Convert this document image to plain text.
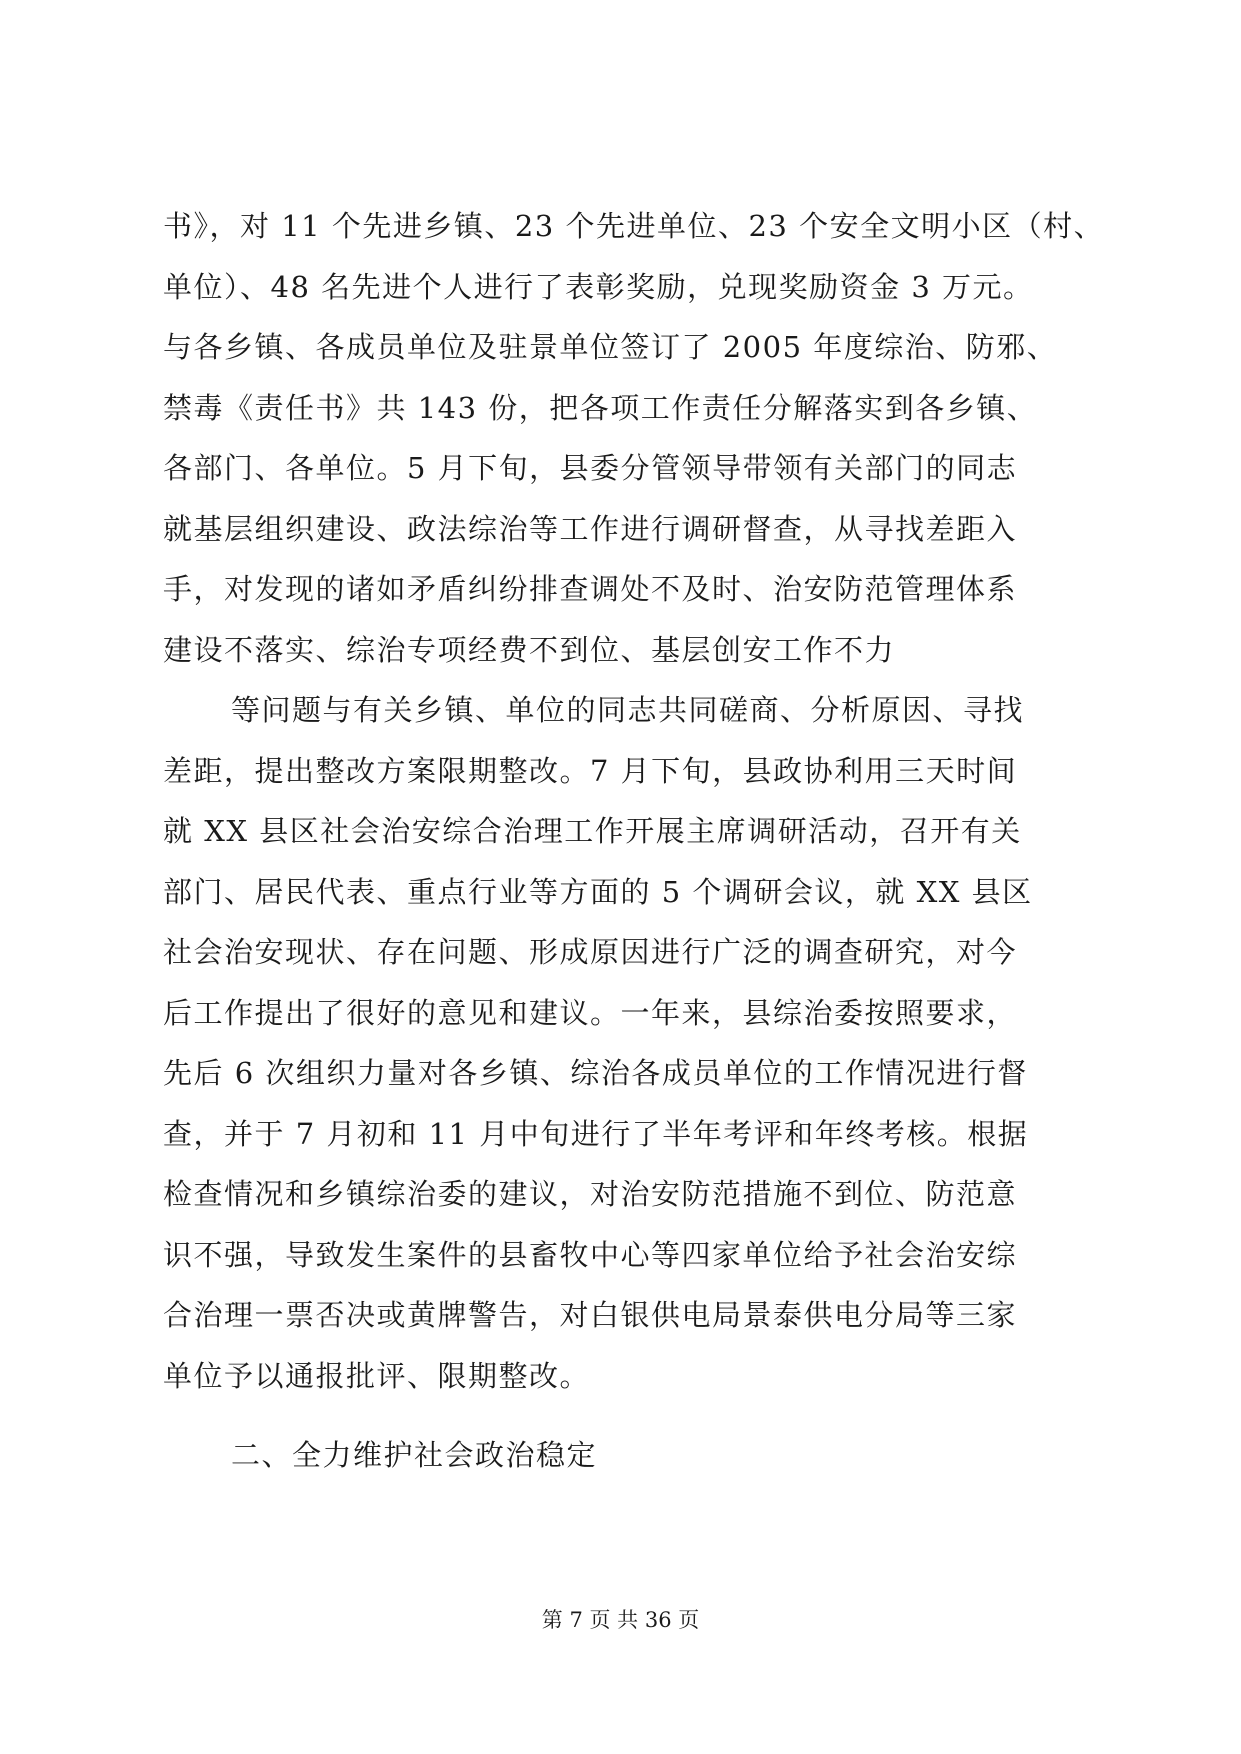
书》，对 11 个先进乡镇、23 个先进单位、23 个安全文明小区（村、
单位）、48 名先进个人进行了表彰奖励，兑现奖励资金 3 万元。
与各乡镇、各成员单位及驻景单位签订了 2005 年度综治、防邪、
禁毒《责任书》共 143 份，把各项工作责任分解落实到各乡镇、
各部门、各单位。5 月下旬，县委分管领导带领有关部门的同志
就基层组织建设、政法综治等工作进行调研督查，从寻找差距入
手，对发现的诸如矛盾纠纷排查调处不及时、治安防范管理体系
建设不落实、综治专项经费不到位、基层创安工作不力
等问题与有关乡镇、单位的同志共同磋商、分析原因、寻找
差距，提出整改方案限期整改。7 月下旬，县政协利用三天时间
就 XX 县区社会治安综合治理工作开展主席调研活动，召开有关
部门、居民代表、重点行业等方面的 5 个调研会议，就 XX 县区
社会治安现状、存在问题、形成原因进行广泛的调查研究，对今
后工作提出了很好的意见和建议。一年来，县综治委按照要求，
先后 6 次组织力量对各乡镇、综治各成员单位的工作情况进行督
查，并于 7 月初和 11 月中旬进行了半年考评和年终考核。根据
检查情况和乡镇综治委的建议，对治安防范措施不到位、防范意
识不强，导致发生案件的县畜牧中心等四家单位给予社会治安综
合治理一票否决或黄牌警告，对白银供电局景泰供电分局等三家
单位予以通报批评、限期整改。
二、全力维护社会政治稳定
第 7 页 共 36 页
